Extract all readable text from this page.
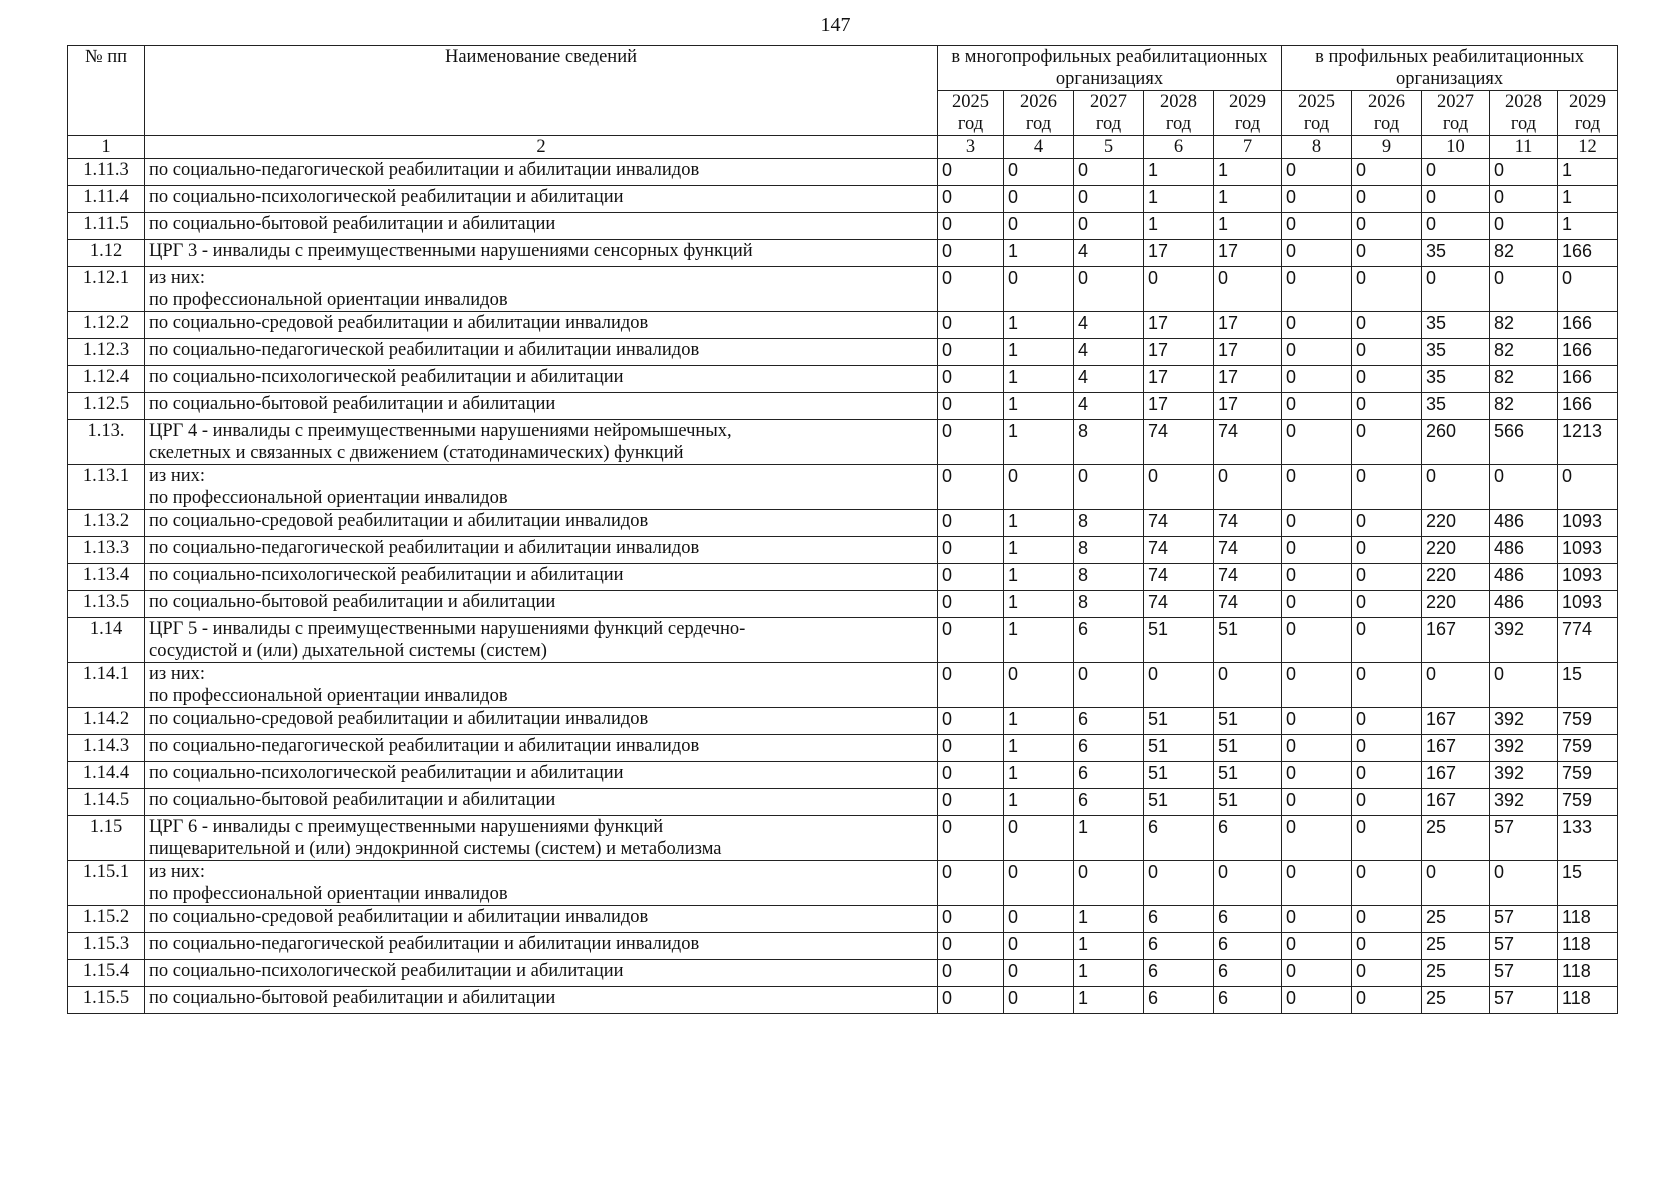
147
№ пп	Наименование сведений	в многопрофильных реабилитационных организациях					в профильных реабилитационных организациях				
		2025 год	2026 год	2027 год	2028 год	2029 год	2025 год	2026 год	2027 год	2028 год	2029 год
1	2	3	4	5	6	7	8	9	10	11	12
1.11.3	по социально-педагогической реабилитации и абилитации инвалидов	0	0	0	1	1	0	0	0	0	1
1.11.4	по социально-психологической реабилитации и абилитации	0	0	0	1	1	0	0	0	0	1
1.11.5	по социально-бытовой реабилитации и абилитации	0	0	0	1	1	0	0	0	0	1
1.12	ЦРГ 3 - инвалиды с преимущественными нарушениями сенсорных функций	0	1	4	17	17	0	0	35	82	166
1.12.1	из них:
по профессиональной ориентации инвалидов	0	0	0	0	0	0	0	0	0	0
1.12.2	по социально-средовой реабилитации и абилитации инвалидов	0	1	4	17	17	0	0	35	82	166
1.12.3	по социально-педагогической реабилитации и абилитации инвалидов	0	1	4	17	17	0	0	35	82	166
1.12.4	по социально-психологической реабилитации и абилитации	0	1	4	17	17	0	0	35	82	166
1.12.5	по социально-бытовой реабилитации и абилитации	0	1	4	17	17	0	0	35	82	166
1.13.	ЦРГ 4 - инвалиды с преимущественными нарушениями нейромышечных,
скелетных и связанных с движением (статодинамических) функций	0	1	8	74	74	0	0	260	566	1213
1.13.1	из них:
по профессиональной ориентации инвалидов	0	0	0	0	0	0	0	0	0	0
1.13.2	по социально-средовой реабилитации и абилитации инвалидов	0	1	8	74	74	0	0	220	486	1093
1.13.3	по социально-педагогической реабилитации и абилитации инвалидов	0	1	8	74	74	0	0	220	486	1093
1.13.4	по социально-психологической реабилитации и абилитации	0	1	8	74	74	0	0	220	486	1093
1.13.5	по социально-бытовой реабилитации и абилитации	0	1	8	74	74	0	0	220	486	1093
1.14	ЦРГ 5 - инвалиды с преимущественными нарушениями функций сердечно-
сосудистой и (или) дыхательной системы (систем)	0	1	6	51	51	0	0	167	392	774
1.14.1	из них:
по профессиональной ориентации инвалидов	0	0	0	0	0	0	0	0	0	15
1.14.2	по социально-средовой реабилитации и абилитации инвалидов	0	1	6	51	51	0	0	167	392	759
1.14.3	по социально-педагогической реабилитации и абилитации инвалидов	0	1	6	51	51	0	0	167	392	759
1.14.4	по социально-психологической реабилитации и абилитации	0	1	6	51	51	0	0	167	392	759
1.14.5	по социально-бытовой реабилитации и абилитации	0	1	6	51	51	0	0	167	392	759
1.15	ЦРГ 6 - инвалиды с преимущественными нарушениями функций
пищеварительной и (или) эндокринной системы (систем) и метаболизма	0	0	1	6	6	0	0	25	57	133
1.15.1	из них:
по профессиональной ориентации инвалидов	0	0	0	0	0	0	0	0	0	15
1.15.2	по социально-средовой реабилитации и абилитации инвалидов	0	0	1	6	6	0	0	25	57	118
1.15.3	по социально-педагогической реабилитации и абилитации инвалидов	0	0	1	6	6	0	0	25	57	118
1.15.4	по социально-психологической реабилитации и абилитации	0	0	1	6	6	0	0	25	57	118
1.15.5	по социально-бытовой реабилитации и абилитации	0	0	1	6	6	0	0	25	57	118
